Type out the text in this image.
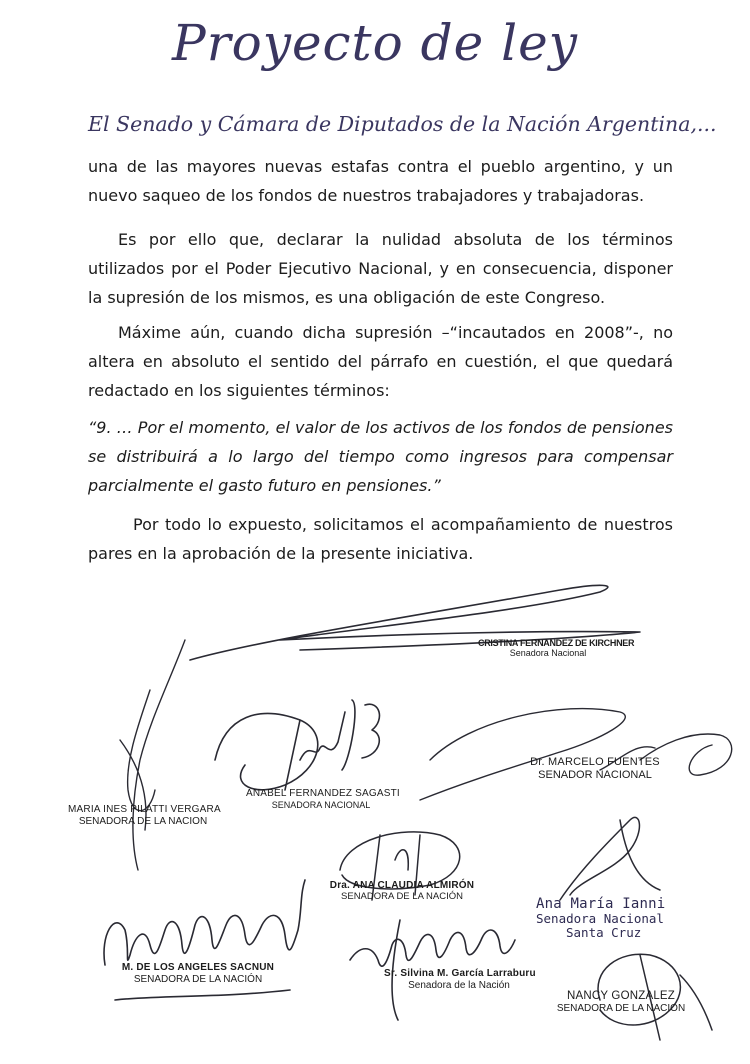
Proyecto de ley
El Senado y Cámara de Diputados de la Nación Argentina,...
una de las mayores nuevas estafas contra el pueblo argentino, y un nuevo saqueo de los fondos de nuestros trabajadores y trabajadoras.
Es por ello que, declarar la nulidad absoluta de los términos utilizados por el Poder Ejecutivo Nacional, y en consecuencia, disponer la supresión de los mismos, es una obligación de este Congreso.
Máxime aún, cuando dicha supresión –“incautados en 2008”-, no altera en absoluto el sentido del párrafo en cuestión, el que quedará redactado en los siguientes términos:
“9. … Por el momento, el valor de los activos de los fondos de pensiones se distribuirá a lo largo del tiempo como ingresos para compensar parcialmente el gasto futuro en pensiones.”
Por todo lo expuesto, solicitamos el acompañamiento de nuestros pares en la aprobación de la presente iniciativa.
CRISTINA FERNANDEZ DE KIRCHNER
Senadora Nacional
Dr. MARCELO FUENTES
SENADOR NACIONAL
ANABEL FERNANDEZ SAGASTI
SENADORA NACIONAL
MARIA INES PILATTI VERGARA
SENADORA DE LA NACION
Dra. ANA CLAUDIA ALMIRÓN
SENADORA DE LA NACIÓN	Ana María Ianni
Senadora Nacional
Santa Cruz
M. DE LOS ANGELES SACNUN
SENADORA DE LA NACIÓN	Sr. Silvina M. García Larraburu
Senadora de la Nación
NANCY GONZALEZ
SENADORA DE LA NACION
